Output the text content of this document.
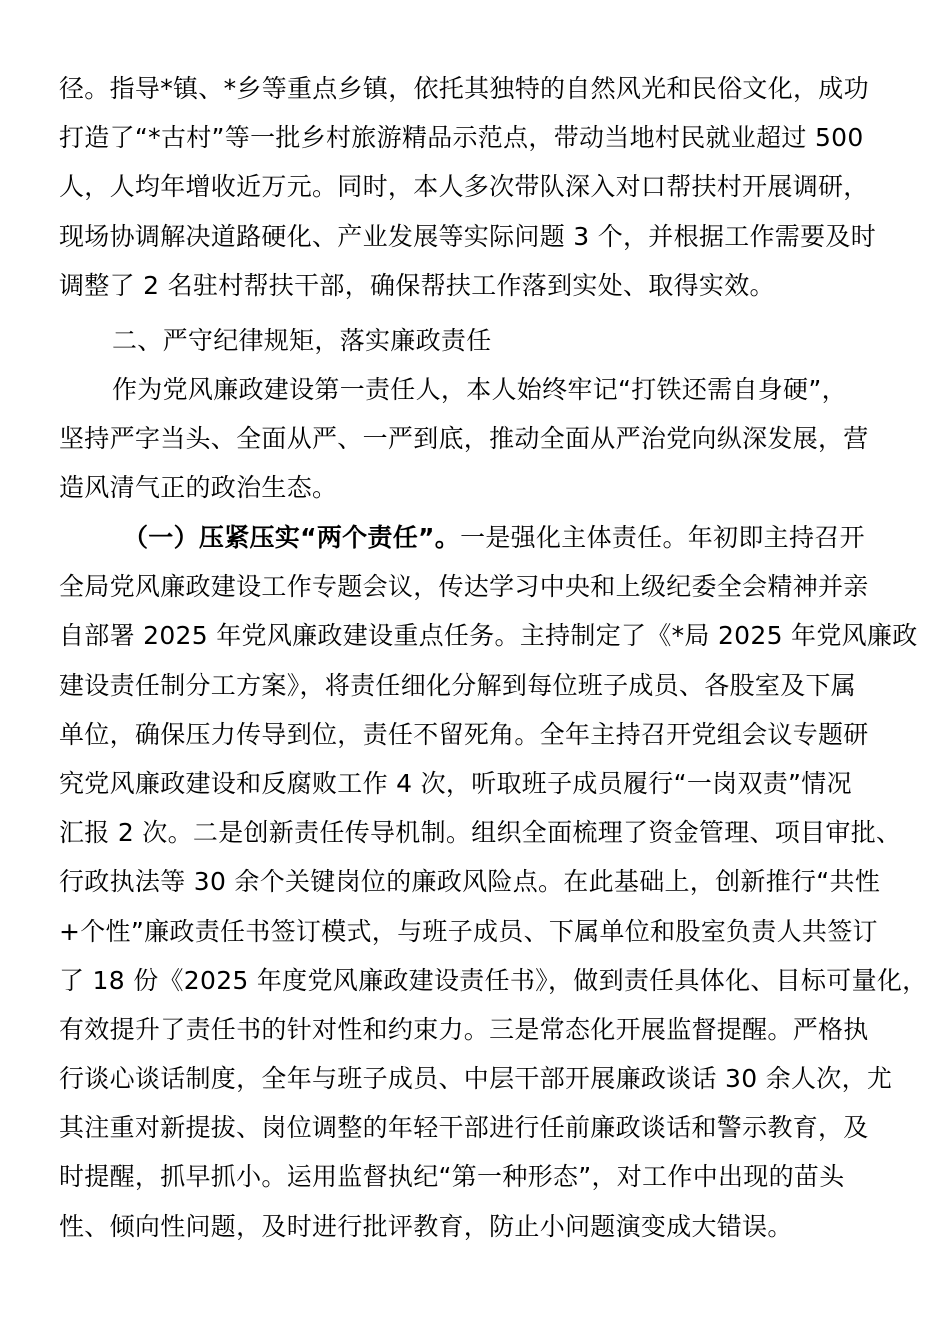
径。指导*镇、*乡等重点乡镇，依托其独特的自然风光和民俗文化，成功
打造了“*古村”等一批乡村旅游精品示范点，带动当地村民就业超过 500
人，人均年增收近万元。同时，本人多次带队深入对口帮扶村开展调研，
现场协调解决道路硬化、产业发展等实际问题 3 个，并根据工作需要及时
调整了 2 名驻村帮扶干部，确保帮扶工作落到实处、取得实效。
二、严守纪律规矩，落实廉政责任
作为党风廉政建设第一责任人，本人始终牢记“打铁还需自身硬”，
坚持严字当头、全面从严、一严到底，推动全面从严治党向纵深发展，营
造风清气正的政治生态。
（一）压紧压实“两个责任”。一是强化主体责任。年初即主持召开
全局党风廉政建设工作专题会议，传达学习中央和上级纪委全会精神并亲
自部署 2025 年党风廉政建设重点任务。主持制定了《*局 2025 年党风廉政
建设责任制分工方案》，将责任细化分解到每位班子成员、各股室及下属
单位，确保压力传导到位，责任不留死角。全年主持召开党组会议专题研
究党风廉政建设和反腐败工作 4 次，听取班子成员履行“一岗双责”情况
汇报 2 次。二是创新责任传导机制。组织全面梳理了资金管理、项目审批、
行政执法等 30 余个关键岗位的廉政风险点。在此基础上，创新推行“共性
+个性”廉政责任书签订模式，与班子成员、下属单位和股室负责人共签订
了 18 份《2025 年度党风廉政建设责任书》，做到责任具体化、目标可量化，
有效提升了责任书的针对性和约束力。三是常态化开展监督提醒。严格执
行谈心谈话制度，全年与班子成员、中层干部开展廉政谈话 30 余人次，尤
其注重对新提拔、岗位调整的年轻干部进行任前廉政谈话和警示教育，及
时提醒，抓早抓小。运用监督执纪“第一种形态”，对工作中出现的苗头
性、倾向性问题，及时进行批评教育，防止小问题演变成大错误。
